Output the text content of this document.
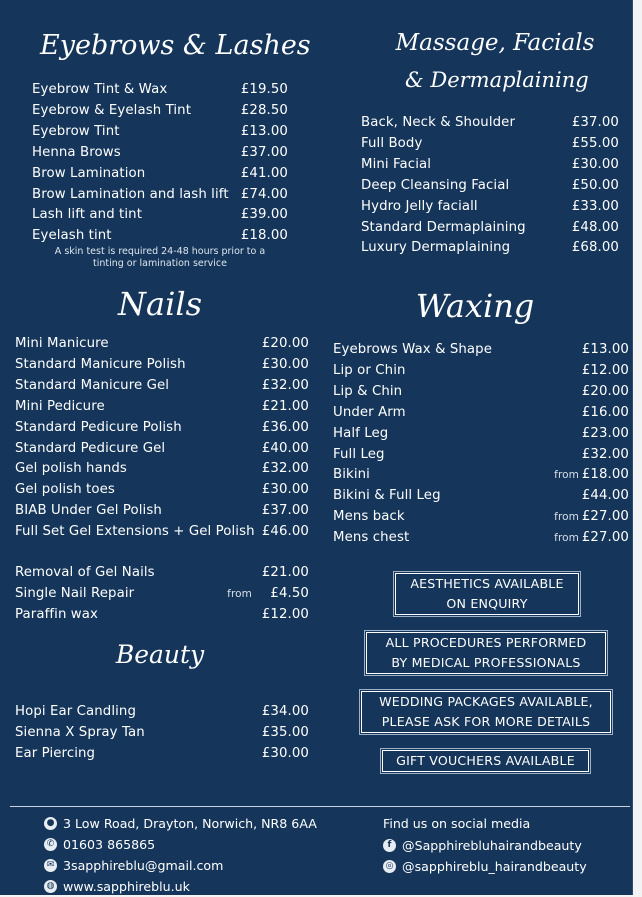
Eyebrows & Lashes
Eyebrow Tint & Wax	£19.50
Eyebrow & Eyelash Tint	£28.50
Eyebrow Tint	£13.00
Henna Brows	£37.00
Brow Lamination	£41.00
Brow Lamination and lash lift £74.00
Lash lift and tint	£39.00
Eyelash tint	£18.00
A skin test is required 24-48 hours prior to a
tinting or lamination service
Massage, Facials
& Dermaplaining
Back, Neck & Shoulder	£37.00
Full Body	£55.00
Mini Facial	£30.00
Deep Cleansing Facial	£50.00
Hydro Jelly faciall	£33.00
Standard Dermaplaining	£48.00
Luxury Dermaplaining	£68.00
Nails
Mini Manicure	£20.00
Standard Manicure Polish	£30.00
Standard Manicure Gel	£32.00
Mini Pedicure	£21.00
Standard Pedicure Polish	£36.00
Standard Pedicure Gel	£40.00
Gel polish hands	£32.00
Gel polish toes	£30.00
BIAB Under Gel Polish	£37.00
Full Set Gel Extensions + Gel Polish £46.00
Removal of Gel Nails	£21.00
Single Nail Repair	from £4.50
Paraffin wax	£12.00
Waxing
Eyebrows Wax & Shape	£13.00
Lip or Chin	£12.00
Lip & Chin	£20.00
Under Arm	£16.00
Half Leg	£23.00
Full Leg	£32.00
Bikini	from £18.00
Bikini & Full Leg	£44.00
Mens back	from £27.00
Mens chest	from £27.00
AESTHETICS AVAILABLE
ON ENQUIRY
ALL PROCEDURES PERFORMED
BY MEDICAL PROFESSIONALS
WEDDING PACKAGES AVAILABLE,
PLEASE ASK FOR MORE DETAILS
GIFT VOUCHERS AVAILABLE
Beauty
Hopi Ear Candling	£34.00
Sienna X Spray Tan	£35.00
Ear Piercing	£30.00
● 3 Low Road, Drayton, Norwich, NR8 6AA
✆ 01603 865865
✉ 3sapphireblu@gmail.com
◍ www.sapphireblu.uk
Find us on social media
f @Sapphirebluhairandbeauty
◎ @sapphireblu_hairandbeauty
